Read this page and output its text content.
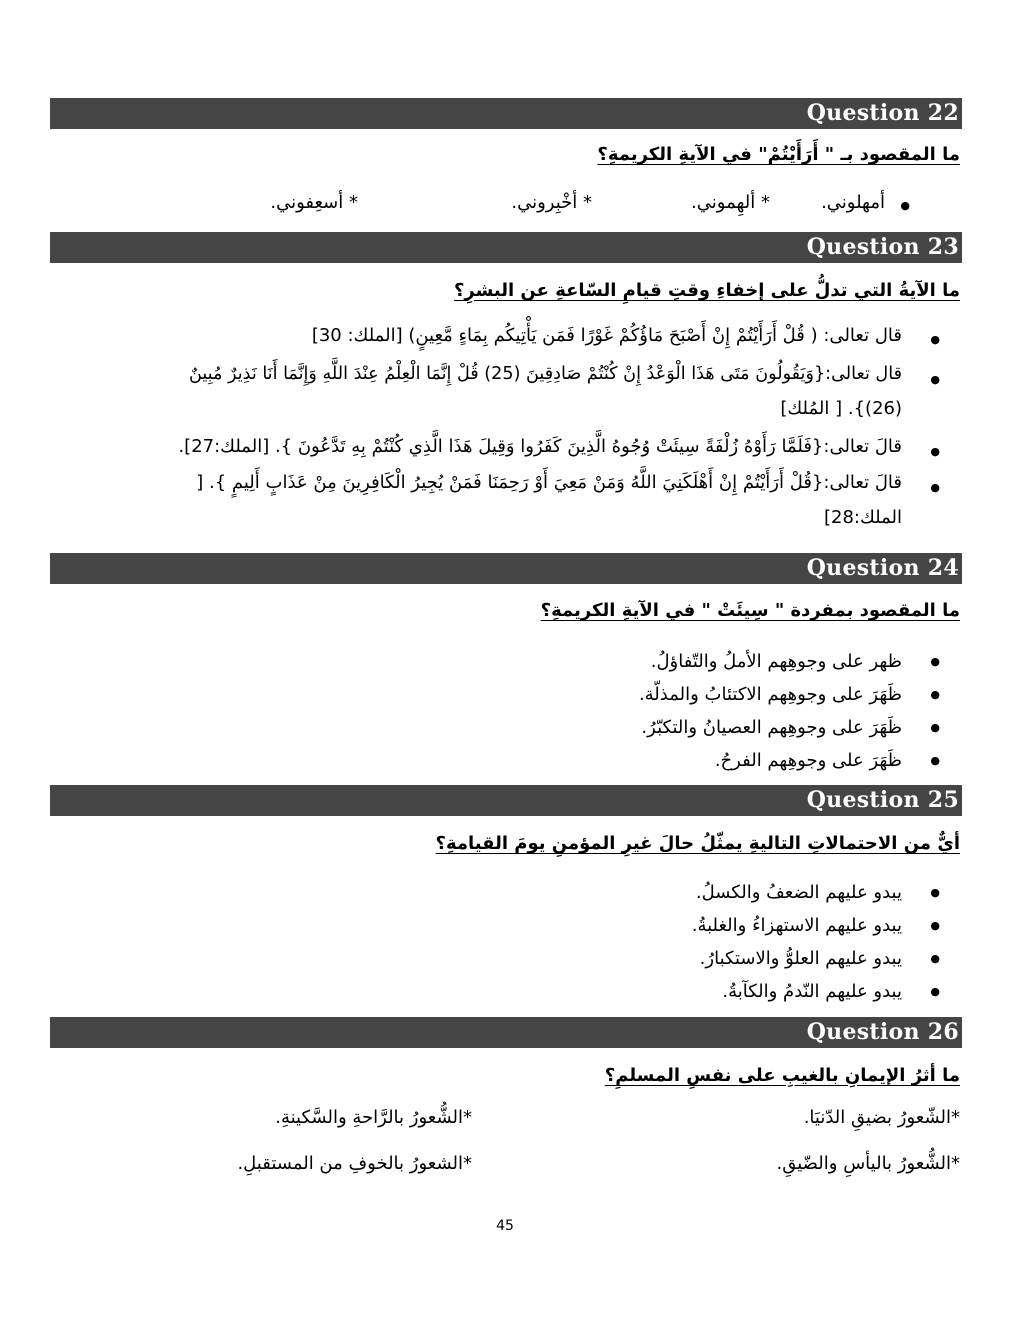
Question 22
ما المقصود بـ " أَرَأَيْتُمْ" في الآيةِ الكريمةِ؟
●
أمهلوني.
* ألهِموني.
* أخْبِروني.
* أسعِفوني.
Question 23
ما الآيةُ التي تدلُّ على إخفاءِ وقتِ قيامِ السّاعةِ عن البشرِ؟
●
قال تعالى: ( قُلْ أَرَأَيْتُمْ إِنْ أَصْبَحَ مَاؤُكُمْ غَوْرًا فَمَن يَأْتِيكُم بِمَاءٍ مَّعِينٍ) [الملك: 30]
●
قال تعالى:{وَيَقُولُونَ مَتَى هَذَا الْوَعْدُ إِنْ كُنْتُمْ صَادِقِينَ (25) قُلْ إِنَّمَا الْعِلْمُ عِنْدَ اللَّهِ وَإِنَّمَا أَنَا نَذِيرٌ مُبِينٌ
(26)}. [ المُلك]
●
قالَ تعالى:{فَلَمَّا رَأَوْهُ زُلْفَةً سِيئَتْ وُجُوهُ الَّذِينَ كَفَرُوا وَقِيلَ هَذَا الَّذِي كُنْتُمْ بِهِ تَدَّعُونَ }. [الملك:27].
●
قالَ تعالى:{قُلْ أَرَأَيْتُمْ إِنْ أَهْلَكَنِيَ اللَّهُ وَمَنْ مَعِيَ أَوْ رَحِمَنَا فَمَنْ يُجِيرُ الْكَافِرِينَ مِنْ عَذَابٍ أَلِيمٍ }. [
الملك:28]
Question 24
ما المقصود بمفردة " سِيئَتْ " في الآيةِ الكريمةِ؟
● ظهر على وجوهِهم الأملُ والتّفاؤلُ.
● ظَهَرَ على وجوهِهم الاكتئابُ والمذلّة.
● ظَهَرَ على وجوهِهم العصيانُ والتكبّرُ.
● ظَهَرَ على وجوهِهم الفرحُ.
Question 25
أيٌّ من الاحتمالاتِ التاليةِ يمثّلُ حالَ غيرِ المؤمنِ يومَ القيامةِ؟
● يبدو عليهم الضعفُ والكسلُ.
● يبدو عليهم الاستهزاءُ والغلبةُ.
● يبدو عليهم العلوُّ والاستكبارُ.
● يبدو عليهم النّدمُ والكآبةُ.
Question 26
ما أثرُ الإيمانِ بالغيبِ على نفسِ المسلمِ؟
*الشّعورُ بضيقِ الدّنيَا.
*الشُّعورُ بالرَّاحةِ والسَّكينةِ.
*الشُّعورُ باليأسِ والضّيقِ.
*الشعورُ بالخوفِ من المستقبلِ.
45
